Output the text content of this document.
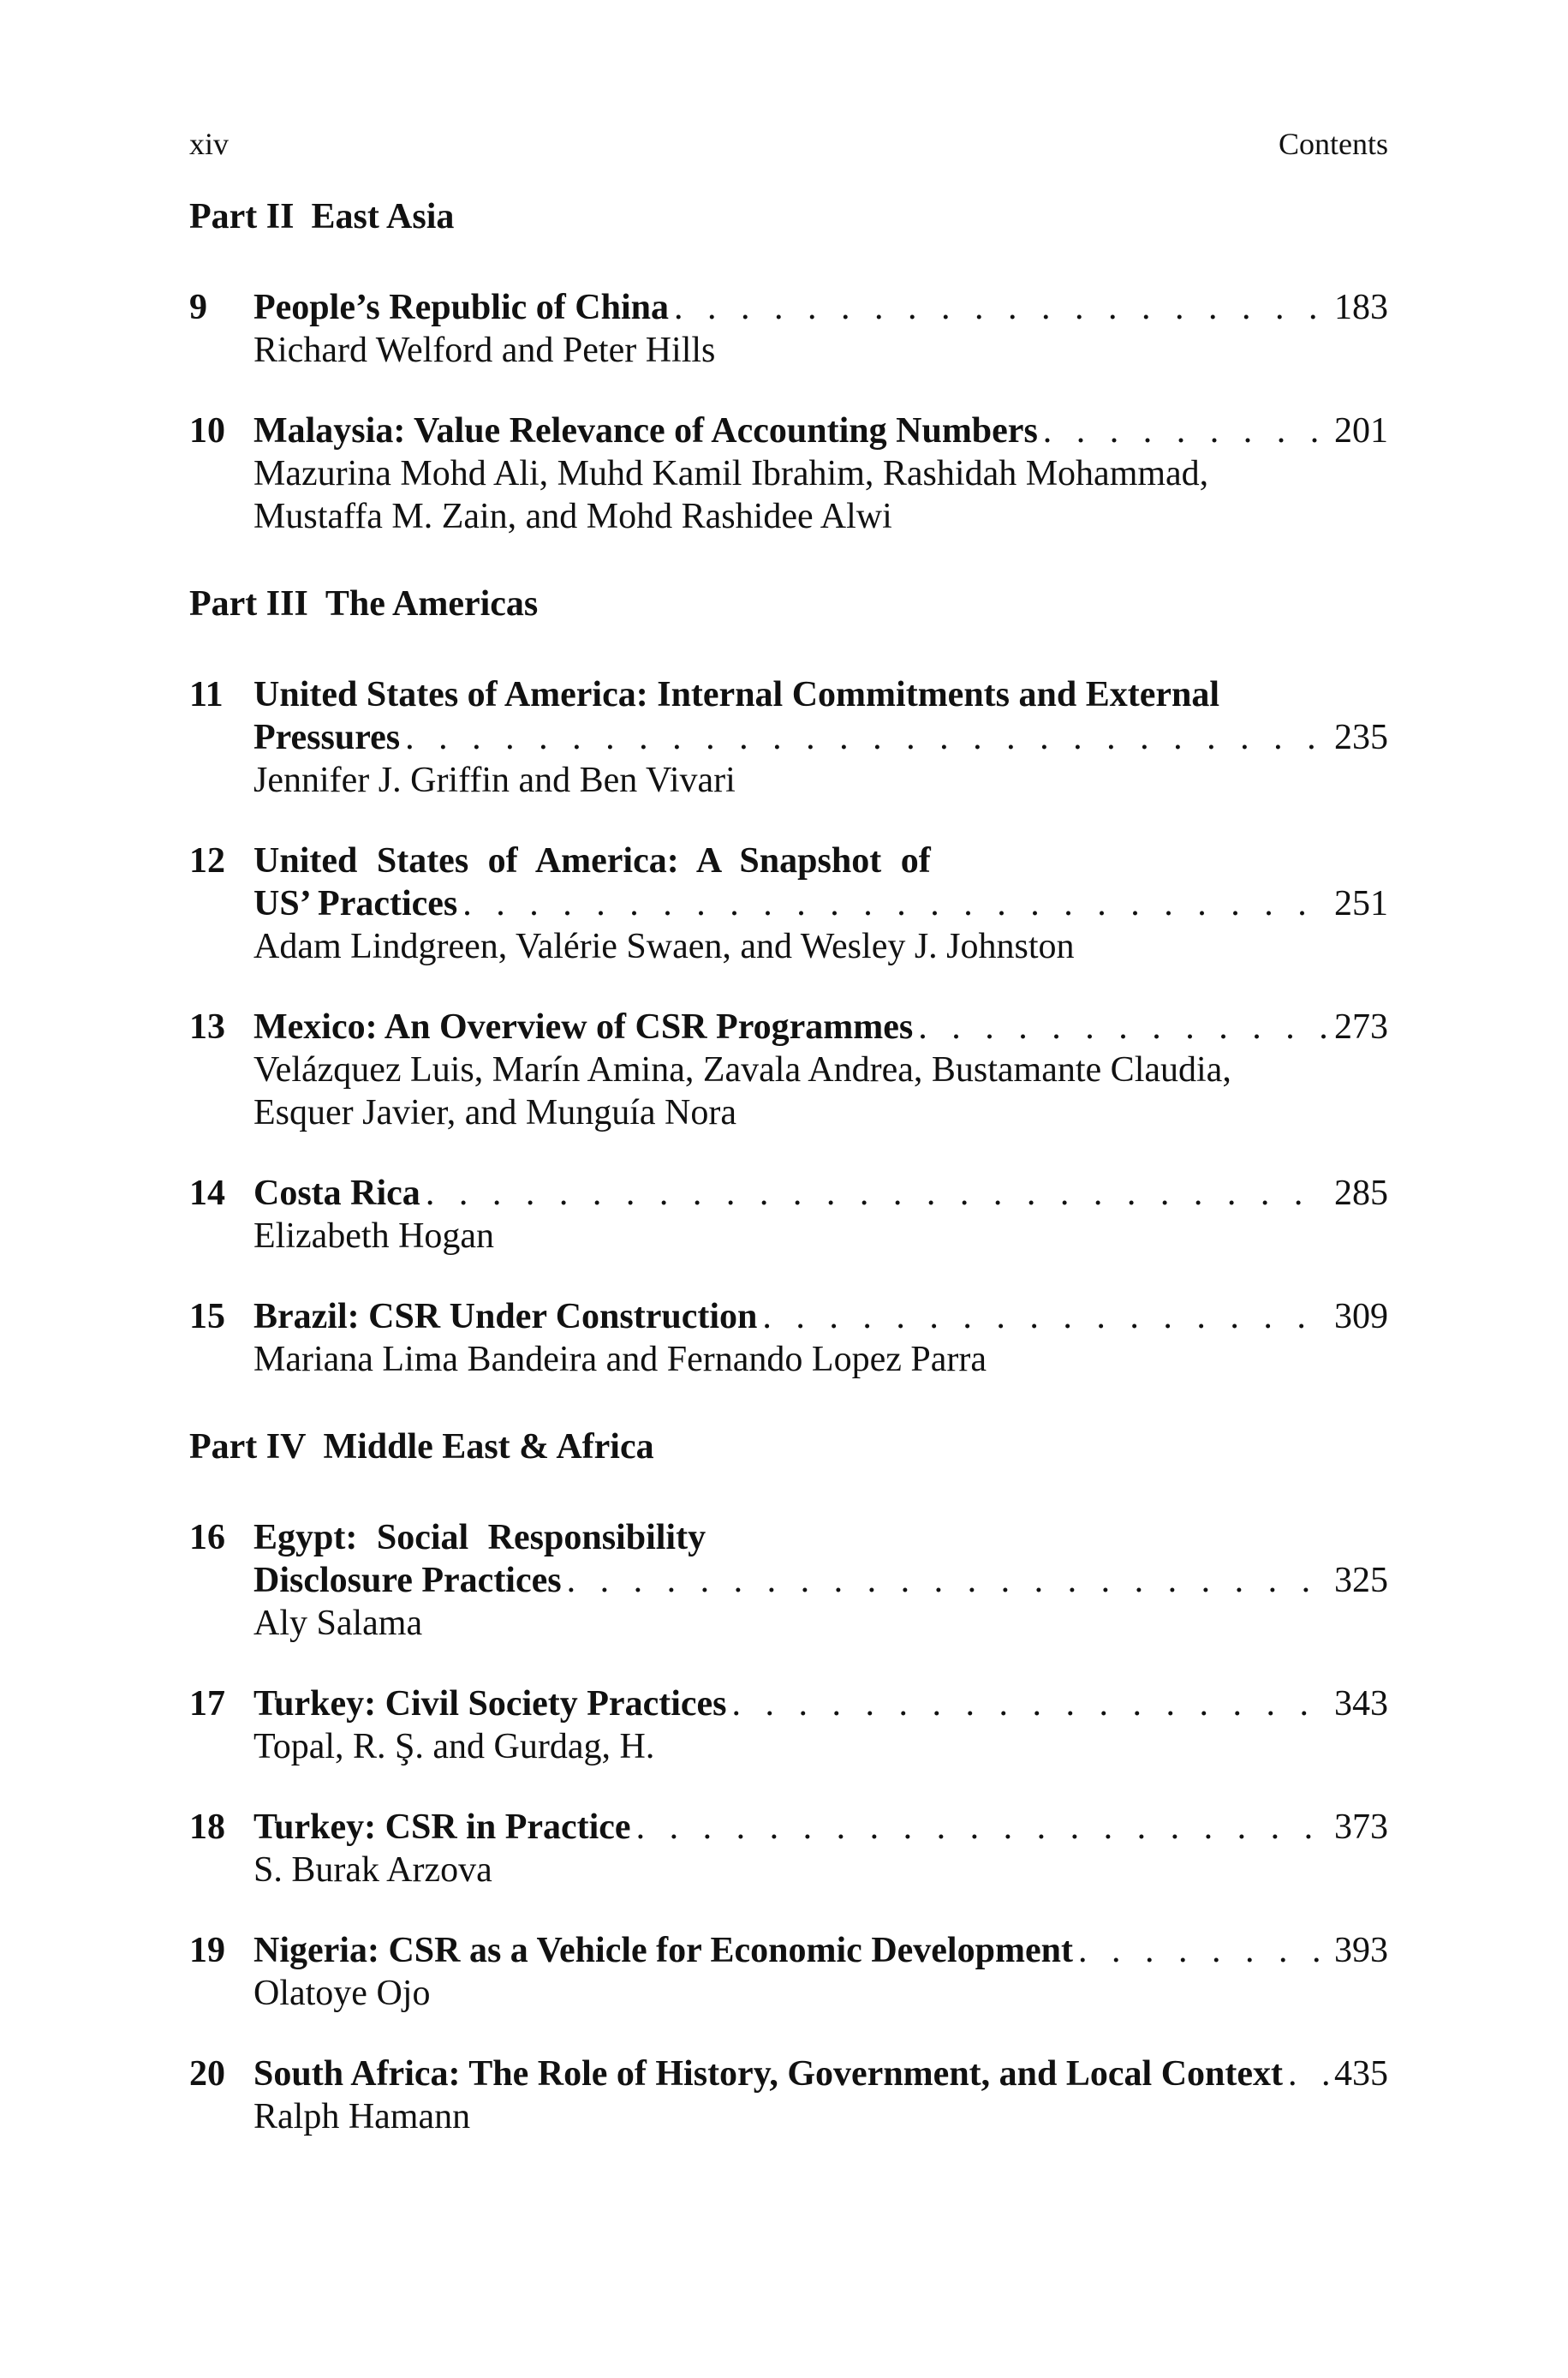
xiv	Contents
Part II East Asia
9	People’s Republic of China . . .	183
Richard Welford and Peter Hills
10 Malaysia: Value Relevance of Accounting Numbers . . .	201
Mazurina Mohd Ali, Muhd Kamil Ibrahim, Rashidah Mohammad,
Mustaffa M. Zain, and Mohd Rashidee Alwi
Part III The Americas
11 United States of America: Internal Commitments and External
Pressures . . .	235
Jennifer J. Griffin and Ben Vivari
12 United States of America: A Snapshot of
US’ Practices . . .	251
Adam Lindgreen, Valérie Swaen, and Wesley J. Johnston
13 Mexico: An Overview of CSR Programmes . . .	273
Velázquez Luis, Marín Amina, Zavala Andrea, Bustamante Claudia,
Esquer Javier, and Munguía Nora
14 Costa Rica . . .	285
Elizabeth Hogan
15 Brazil: CSR Under Construction . . .	309
Mariana Lima Bandeira and Fernando Lopez Parra
Part IV Middle East & Africa
16 Egypt: Social Responsibility
Disclosure Practices . . .	325
Aly Salama
17 Turkey: Civil Society Practices . . .	343
Topal, R. Ş. and Gurdag, H.
18 Turkey: CSR in Practice . . .	373
S. Burak Arzova
19 Nigeria: CSR as a Vehicle for Economic Development . . .	393
Olatoye Ojo
20 South Africa: The Role of History, Government, and Local Context . . . 435
Ralph Hamann
